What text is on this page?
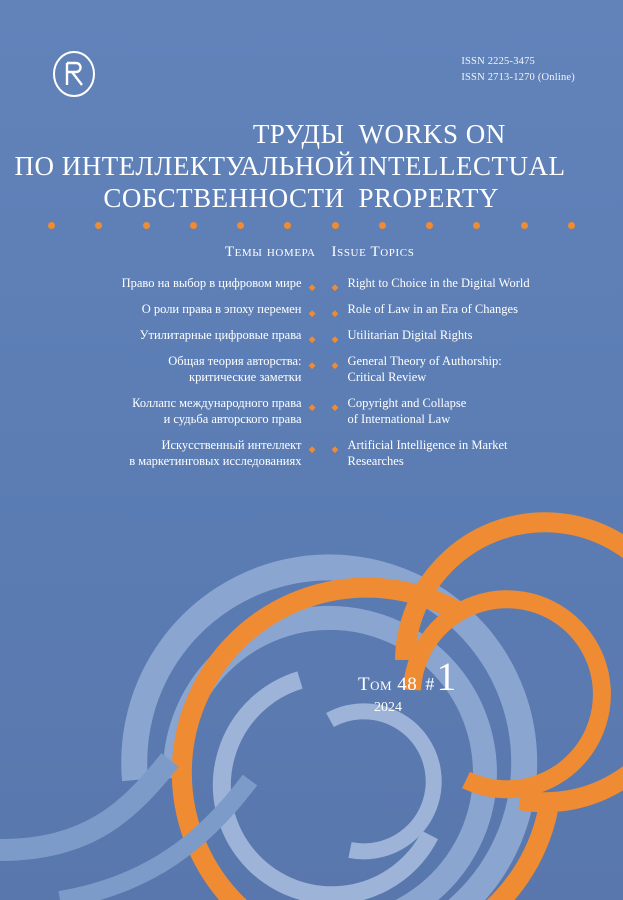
ISSN 2225-3475
ISSN 2713-1270 (Online)
ТРУДЫ
ПО ИНТЕЛЛЕКТУАЛЬНОЙ
СОБСТВЕННОСТИ
WORKS ON
INTELLECTUAL
PROPERTY
Темы номера
◆
Право на выбор в цифровом мире
◆
О роли права в эпоху перемен
◆
Утилитарные цифровые права
◆
Общая теория авторства:
критические заметки
◆
Коллапс международного права
и судьба авторского права
◆
Искусственный интеллект
в маркетинговых исследованиях
Issue Topics
◆ Right to Choice in the Digital World
◆ Role of Law in an Era of Changes
◆ Utilitarian Digital Rights
◆ General Theory of Authorship:
Critical Review
◆ Copyright and Collapse
of International Law
◆ Artificial Intelligence in Market
Researches
Том 48 # 1
2024
